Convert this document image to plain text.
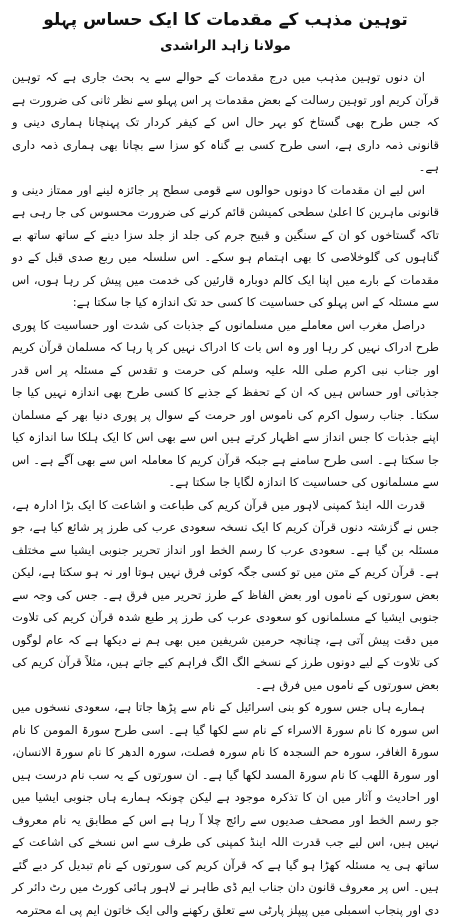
توہین مذہب کے مقدمات کا ایک حساس پہلو
مولانا زاہد الراشدی

ان دنوں توہین مذہب میں درج مقدمات کے حوالے سے یہ بحث جاری ہے کہ توہین قرآن کریم اور توہین رسالت کے بعض مقدمات پر اس پہلو سے نظر ثانی کی ضرورت ہے کہ جس طرح بھی گستاخ کو بہر حال اس کے کیفر کردار تک پہنچانا ہماری دینی و قانونی ذمہ داری ہے، اسی طرح کسی بے گناہ کو سزا سے بچانا بھی ہماری ذمہ داری ہے۔

اس لیے ان مقدمات کا دونوں حوالوں سے قومی سطح پر جائزہ لینے اور ممتاز دینی و قانونی ماہرین کا اعلیٰ سطحی کمیشن قائم کرنے کی ضرورت محسوس کی جا رہی ہے تاکہ گستاخوں کو ان کے سنگین و قبیح جرم کی جلد از جلد سزا دینے کے ساتھ ساتھ بے گناہوں کی گلوخلاصی کا بھی اہتمام ہو سکے۔ اس سلسلہ میں ربع صدی قبل کے دو مقدمات کے بارے میں اپنا ایک کالم دوبارہ قارئین کی خدمت میں پیش کر رہا ہوں، اس سے مسئلہ کے اس پہلو کی حساسیت کا کسی حد تک اندازہ کیا جا سکتا ہے:

دراصل مغرب اس معاملے میں مسلمانوں کے جذبات کی شدت اور حساسیت کا پوری طرح ادراک نہیں کر رہا اور وہ اس بات کا ادراک نہیں کر پا رہا کہ مسلمان قرآن کریم اور جناب نبی اکرم صلی اللہ علیہ وسلم کی حرمت و تقدس کے مسئلہ پر اس قدر جذباتی اور حساس ہیں کہ ان کے تحفظ کے جذبے کا کسی طرح بھی اندازہ نہیں کیا جا سکتا۔ جناب رسول اکرم کی ناموس اور حرمت کے سوال پر پوری دنیا بھر کے مسلمان اپنے جذبات کا جس انداز سے اظہار کرتے ہیں اس سے بھی اس کا ایک ہلکا سا اندازہ کیا جا سکتا ہے۔ اسی طرح سامنے ہے جبکہ قرآن کریم کا معاملہ اس سے بھی آگے ہے۔ اس سے مسلمانوں کی حساسیت کا اندازہ لگایا جا سکتا ہے۔

قدرت اللہ اینڈ کمپنی لاہور میں قرآن کریم کی طباعت و اشاعت کا ایک بڑا ادارہ ہے، جس نے گزشتہ دنوں قرآن کریم کا ایک نسخہ سعودی عرب کی طرز پر شائع کیا ہے، جو مسئلہ بن گیا ہے۔ سعودی عرب کا رسم الخط اور انداز تحریر جنوبی ایشیا سے مختلف ہے۔ قرآن کریم کے متن میں تو کسی جگہ کوئی فرق نہیں ہوتا اور نہ ہو سکتا ہے، لیکن بعض سورتوں کے ناموں اور بعض الفاظ کے طرز تحریر میں فرق ہے۔ جس کی وجہ سے جنوبی ایشیا کے مسلمانوں کو سعودی عرب کی طرز پر طبع شدہ قرآن کریم کی تلاوت میں دقت پیش آتی ہے، چنانچہ حرمین شریفین میں بھی ہم نے دیکھا ہے کہ عام لوگوں کی تلاوت کے لیے دونوں طرز کے نسخے الگ الگ فراہم کیے جاتے ہیں، مثلاً قرآن کریم کی بعض سورتوں کے ناموں میں فرق ہے۔

ہمارے ہاں جس سورہ کو بنی اسرائیل کے نام سے پڑھا جاتا ہے، سعودی نسخوں میں اس سورہ کا نام سورۃ الاسراء کے نام سے لکھا گیا ہے۔ اسی طرح سورۃ المومن کا نام سورۃ الغافر، سورہ حم السجدہ کا نام سورہ فصلت، سورہ الدھر کا نام سورۃ الانسان، اور سورۃ اللھب کا نام سورۃ المسد لکھا گیا ہے۔ ان سورتوں کے یہ سب نام درست ہیں اور احادیث و آثار میں ان کا تذکرہ موجود ہے لیکن چونکہ ہمارے ہاں جنوبی ایشیا میں جو رسم الخط اور مصحف صدیوں سے رائج چلا آ رہا ہے اس کے مطابق یہ نام معروف نہیں ہیں، اس لیے جب قدرت اللہ اینڈ کمپنی کی طرف سے اس نسخے کی اشاعت کے ساتھ ہی یہ مسئلہ کھڑا ہو گیا ہے کہ قرآن کریم کی سورتوں کے نام تبدیل کر دیے گئے ہیں۔ اس پر معروف قانون دان جناب ایم ڈی طاہر نے لاہور ہائی کورٹ میں رٹ دائر کر دی اور پنجاب اسمبلی میں پیپلز پارٹی سے تعلق رکھنے والی ایک خاتون ایم پی اے محترمہ
